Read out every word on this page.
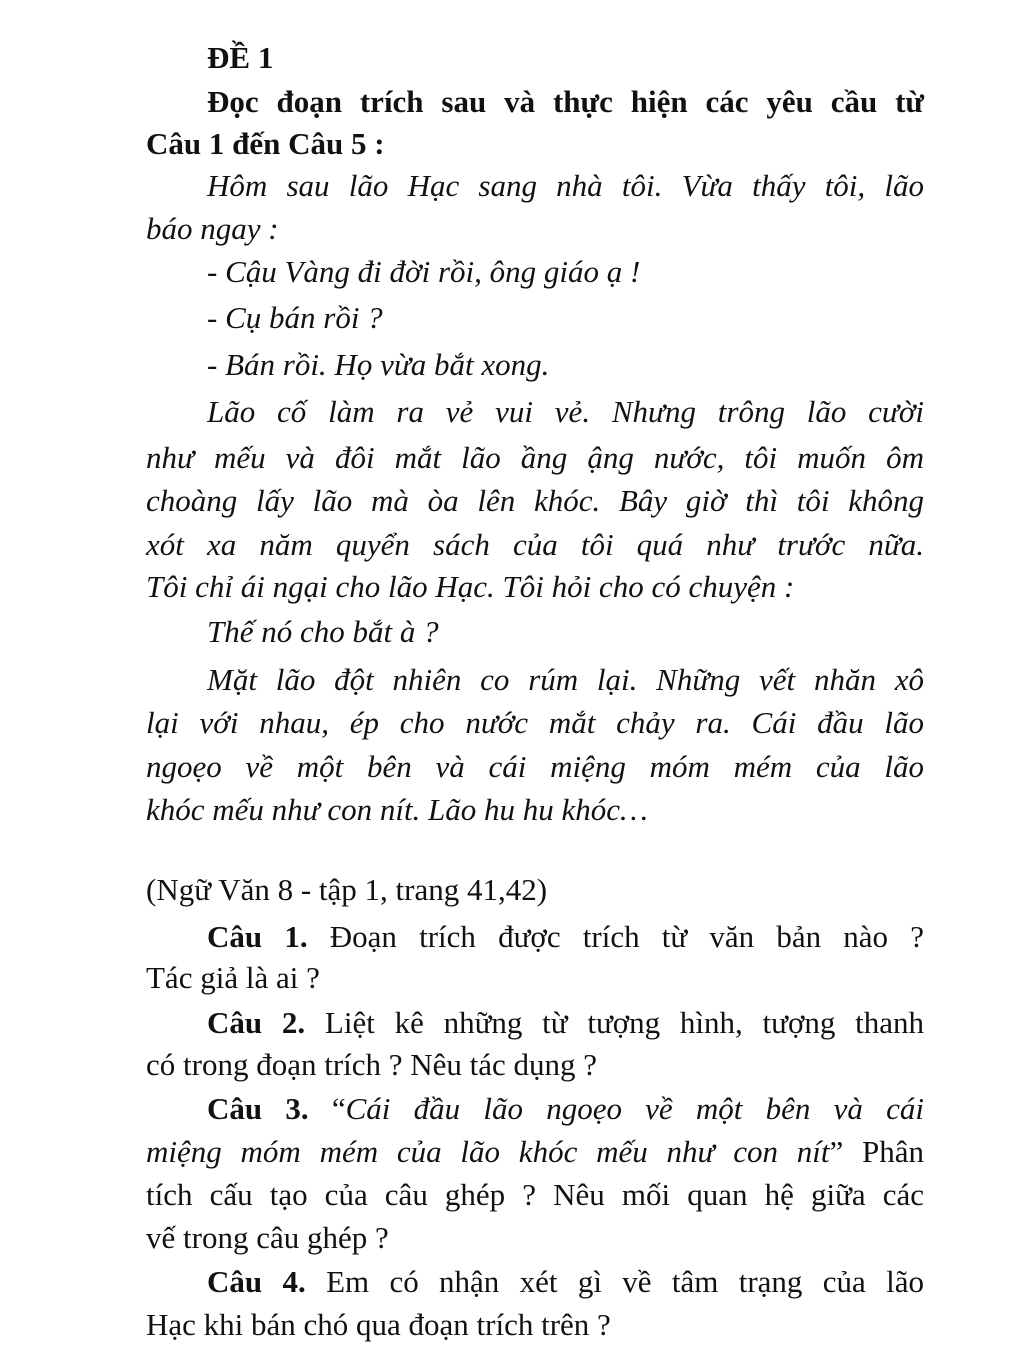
ĐỀ 1
Đọc đoạn trích sau và thực hiện các yêu cầu từ
Câu 1 đến Câu 5 :
Hôm sau lão Hạc sang nhà tôi. Vừa thấy tôi, lão
báo ngay :
- Cậu Vàng đi đời rồi, ông giáo ạ !
- Cụ bán rồi ?
- Bán rồi. Họ vừa bắt xong.
Lão cố làm ra vẻ vui vẻ. Nhưng trông lão cười
như mếu và đôi mắt lão ầng ậng nước, tôi muốn ôm
choàng lấy lão mà òa lên khóc. Bây giờ thì tôi không
xót xa năm quyển sách của tôi quá như trước nữa.
Tôi chỉ ái ngại cho lão Hạc. Tôi hỏi cho có chuyện :
Thế nó cho bắt à ?
Mặt lão đột nhiên co rúm lại. Những vết nhăn xô
lại với nhau, ép cho nước mắt chảy ra. Cái đầu lão
ngoẹo về một bên và cái miệng móm mém của lão
khóc mếu như con nít. Lão hu hu khóc…
(Ngữ Văn 8 - tập 1, trang 41,42)
Câu 1. Đoạn trích được trích từ văn bản nào ?
Tác giả là ai ?
Câu 2. Liệt kê những từ tượng hình, tượng thanh
có trong đoạn trích ? Nêu tác dụng ?
Câu 3. “Cái đầu lão ngoẹo về một bên và cái
miệng móm mém của lão khóc mếu như con nít” Phân
tích cấu tạo của câu ghép ? Nêu mối quan hệ giữa các
vế trong câu ghép ?
Câu 4. Em có nhận xét gì về tâm trạng của lão
Hạc khi bán chó qua đoạn trích trên ?
